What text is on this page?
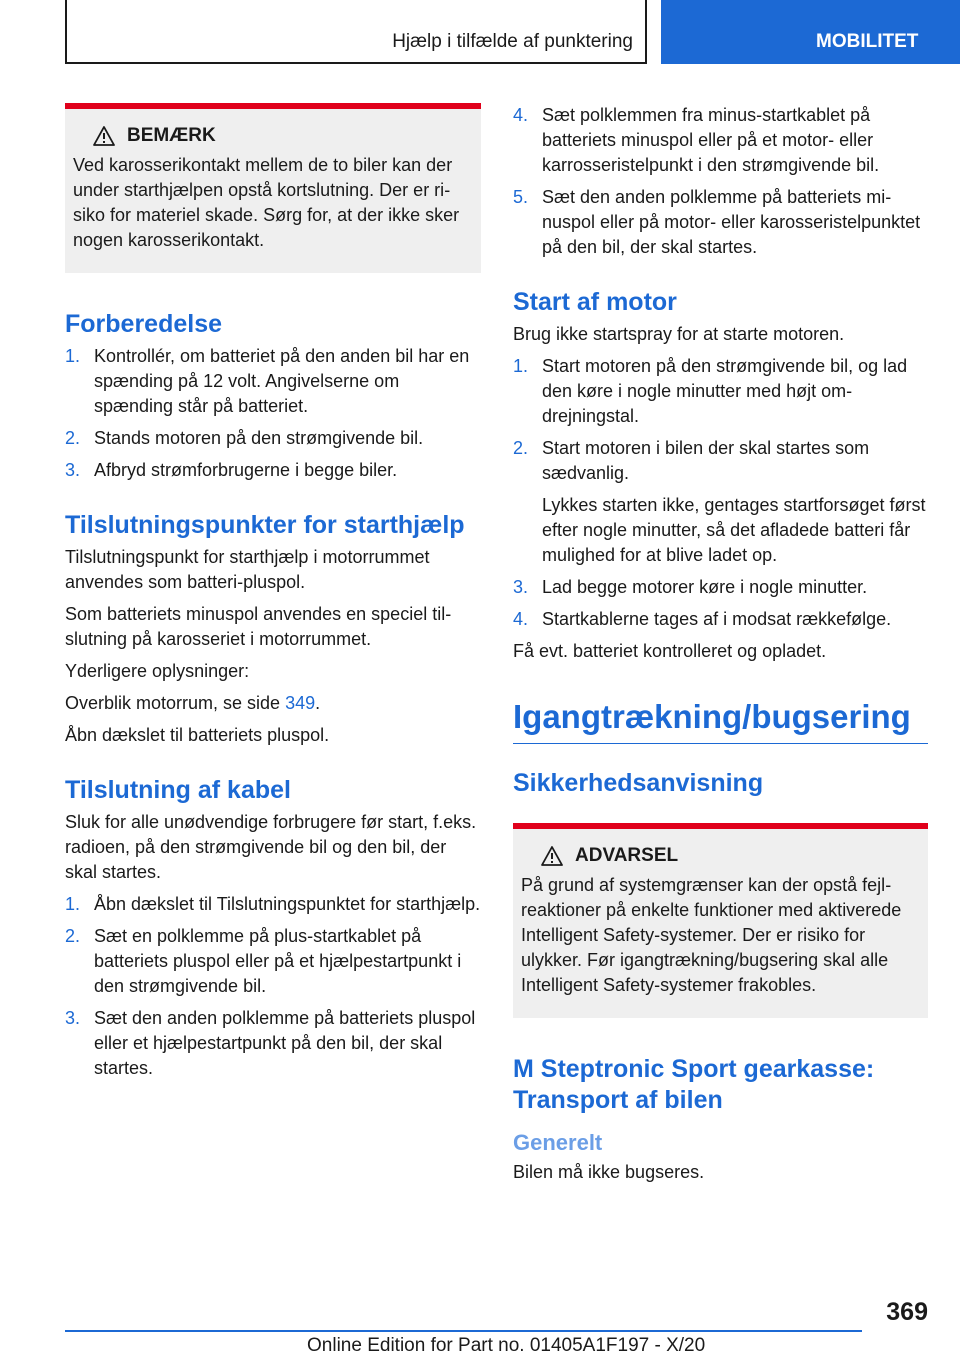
Hjælp i tilfælde af punktering	MOBILITET
BEMÆRK

Ved karosserikontakt mellem de to biler kan der under starthjælpen opstå kortslutning. Der er risiko for materiel skade. Sørg for, at der ikke sker nogen karosserikontakt.

Forberedelse
1. Kontrollér, om batteriet på den anden bil har en spænding på 12 volt. Angivelserne om spænding står på batteriet.
2. Stands motoren på den strømgivende bil.
3. Afbryd strømforbrugerne i begge biler.
Tilslutningspunkter for starthjælp

Tilslutningspunkt for starthjælp i motorrummet anvendes som batteri-pluspol.

Som batteriets minuspol anvendes en speciel tilslutning på karosseriet i motorrummet.

Yderligere oplysninger:

Overblik motorrum, se side 349.

Åbn dækslet til batteriets pluspol.

Tilslutning af kabel

Sluk for alle unødvendige forbrugere før start, f.eks. radioen, på den strømgivende bil og den bil, der skal startes.

1. Åbn dækslet til Tilslutningspunktet for starthjælp.
2. Sæt en polklemme på plus-startkablet på batteriets pluspol eller på et hjælpestartpunkt i den strømgivende bil.
3. Sæt den anden polklemme på batteriets pluspol eller et hjælpestartpunkt på den bil, der skal startes.
4. Sæt polklemmen fra minus-startkablet på batteriets minuspol eller på et motor- eller karrosseristelpunkt i den strømgivende bil.
5. Sæt den anden polklemme på batteriets minuspol eller på motor- eller karosseristelpunktet på den bil, der skal startes.
Start af motor

Brug ikke startspray for at starte motoren.

1. Start motoren på den strømgivende bil, og lad den køre i nogle minutter med højt omdrejningstal.
2. Start motoren i bilen der skal startes som sædvanlig.
Lykkes starten ikke, gentages startforsøget først efter nogle minutter, så det afladede batteri får mulighed for at blive ladet op.
3. Lad begge motorer køre i nogle minutter.
4. Startkablerne tages af i modsat rækkefølge.

Få evt. batteriet kontrolleret og opladet.

Igangtrækning/bugsering
Sikkerhedsanvisning
ADVARSEL

På grund af systemgrænser kan der opstå fejlreaktioner på enkelte funktioner med aktiverede Intelligent Safety-systemer. Der er risiko for ulykker. Før igangtrækning/bugsering skal alle Intelligent Safety-systemer frakobles.

M Steptronic Sport gearkasse: Transport af bilen
Generelt

Bilen må ikke bugseres.

369
Online Edition for Part no. 01405A1F197 - X/20
